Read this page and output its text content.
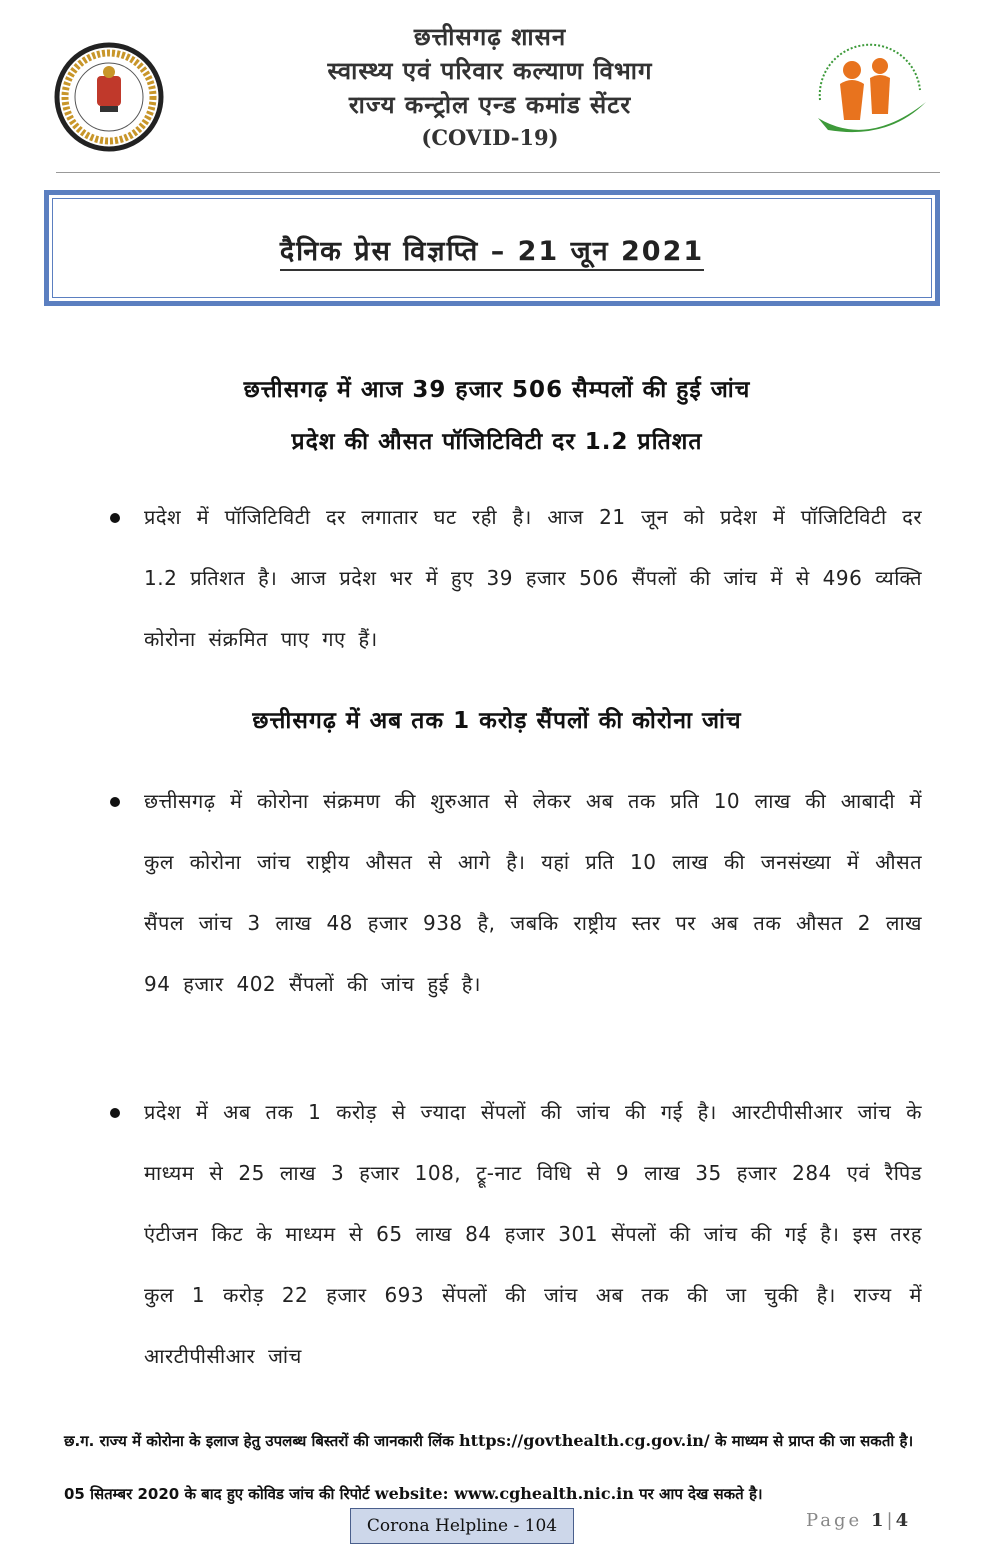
छत्तीसगढ़ शासन
स्वास्थ्य एवं परिवार कल्याण विभाग
राज्य कन्ट्रोल एन्ड कमांड सेंटर
(COVID-19)
दैनिक प्रेस विज्ञप्ति – 21 जून 2021
छत्तीसगढ़ में आज 39 हजार 506 सैम्पलों की हुई जांच
प्रदेश की औसत पॉजिटिविटी दर 1.2 प्रतिशत
प्रदेश में पॉजिटिविटी दर लगातार घट रही है। आज 21 जून को प्रदेश में पॉजिटिविटी दर 1.2 प्रतिशत है। आज प्रदेश भर में हुए 39 हजार 506 सैंपलों की जांच में से 496 व्यक्ति कोरोना संक्रमित पाए गए हैं।
छत्तीसगढ़ में अब तक 1 करोड़ सैंपलों की कोरोना जांच
छत्तीसगढ़ में कोरोना संक्रमण की शुरुआत से लेकर अब तक प्रति 10 लाख की आबादी में कुल कोरोना जांच राष्ट्रीय औसत से आगे है। यहां प्रति 10 लाख की जनसंख्या में औसत सैंपल जांच 3 लाख 48 हजार 938 है, जबकि राष्ट्रीय स्तर पर अब तक औसत 2 लाख 94 हजार 402 सैंपलों की जांच हुई है।
प्रदेश में अब तक 1 करोड़ से ज्यादा सेंपलों की जांच की गई है। आरटीपीसीआर जांच के माध्यम से 25 लाख 3 हजार 108, ट्रू-नाट विधि से 9 लाख 35 हजार 284 एवं रैपिड एंटीजन किट के माध्यम से 65 लाख 84 हजार 301 सेंपलों की जांच की गई है। इस तरह कुल 1 करोड़ 22 हजार 693 सेंपलों की जांच अब तक की जा चुकी है। राज्य में आरटीपीसीआर जांच
छ.ग. राज्य में कोरोना के इलाज हेतु उपलब्ध बिस्तरों की जानकारी लिंक https://govthealth.cg.gov.in/ के माध्यम से प्राप्त की जा सकती है।
05 सितम्बर 2020 के बाद हुए कोविड जांच की रिपोर्ट website: www.cghealth.nic.in पर आप देख सकते है।
Corona Helpline - 104	Page 1|4
